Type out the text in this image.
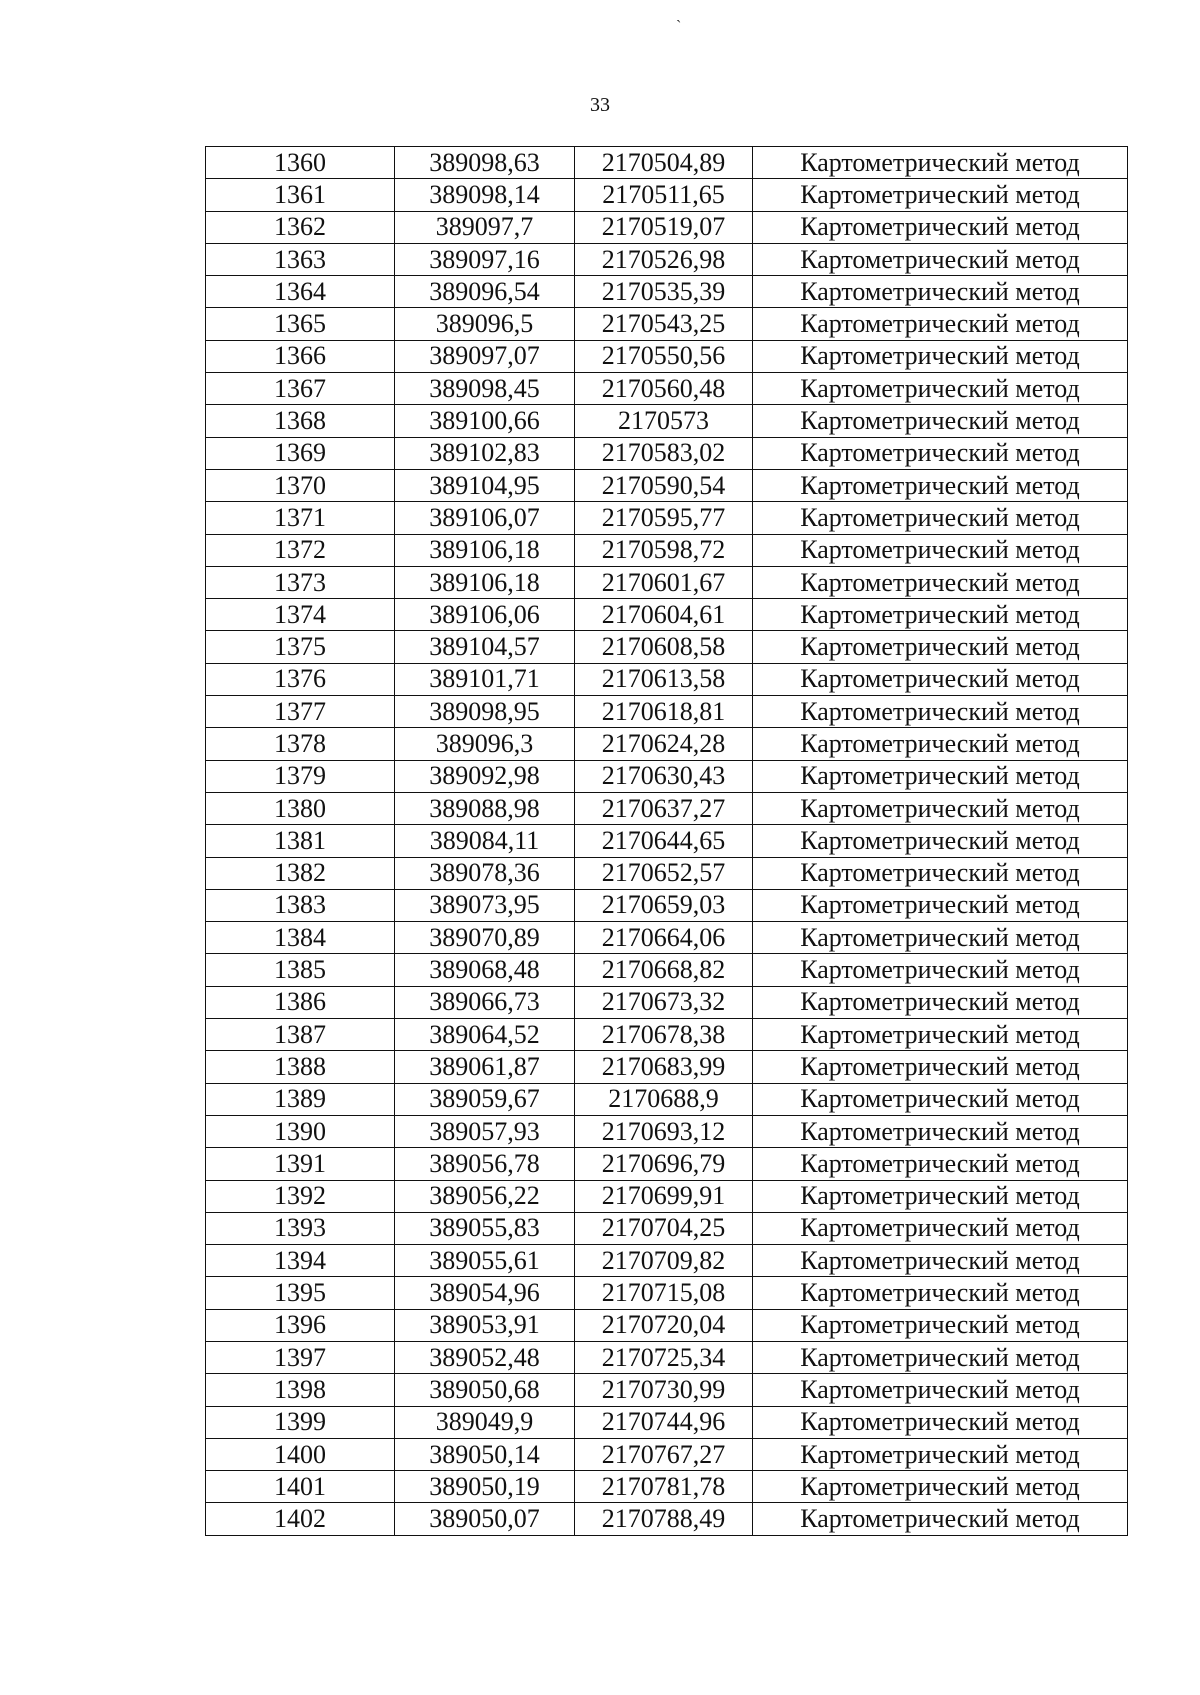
`
33
1360	389098,63	2170504,89	Картометрический метод
1361	389098,14	2170511,65	Картометрический метод
1362	389097,7	2170519,07	Картометрический метод
1363	389097,16	2170526,98	Картометрический метод
1364	389096,54	2170535,39	Картометрический метод
1365	389096,5	2170543,25	Картометрический метод
1366	389097,07	2170550,56	Картометрический метод
1367	389098,45	2170560,48	Картометрический метод
1368	389100,66	2170573	Картометрический метод
1369	389102,83	2170583,02	Картометрический метод
1370	389104,95	2170590,54	Картометрический метод
1371	389106,07	2170595,77	Картометрический метод
1372	389106,18	2170598,72	Картометрический метод
1373	389106,18	2170601,67	Картометрический метод
1374	389106,06	2170604,61	Картометрический метод
1375	389104,57	2170608,58	Картометрический метод
1376	389101,71	2170613,58	Картометрический метод
1377	389098,95	2170618,81	Картометрический метод
1378	389096,3	2170624,28	Картометрический метод
1379	389092,98	2170630,43	Картометрический метод
1380	389088,98	2170637,27	Картометрический метод
1381	389084,11	2170644,65	Картометрический метод
1382	389078,36	2170652,57	Картометрический метод
1383	389073,95	2170659,03	Картометрический метод
1384	389070,89	2170664,06	Картометрический метод
1385	389068,48	2170668,82	Картометрический метод
1386	389066,73	2170673,32	Картометрический метод
1387	389064,52	2170678,38	Картометрический метод
1388	389061,87	2170683,99	Картометрический метод
1389	389059,67	2170688,9	Картометрический метод
1390	389057,93	2170693,12	Картометрический метод
1391	389056,78	2170696,79	Картометрический метод
1392	389056,22	2170699,91	Картометрический метод
1393	389055,83	2170704,25	Картометрический метод
1394	389055,61	2170709,82	Картометрический метод
1395	389054,96	2170715,08	Картометрический метод
1396	389053,91	2170720,04	Картометрический метод
1397	389052,48	2170725,34	Картометрический метод
1398	389050,68	2170730,99	Картометрический метод
1399	389049,9	2170744,96	Картометрический метод
1400	389050,14	2170767,27	Картометрический метод
1401	389050,19	2170781,78	Картометрический метод
1402	389050,07	2170788,49	Картометрический метод
